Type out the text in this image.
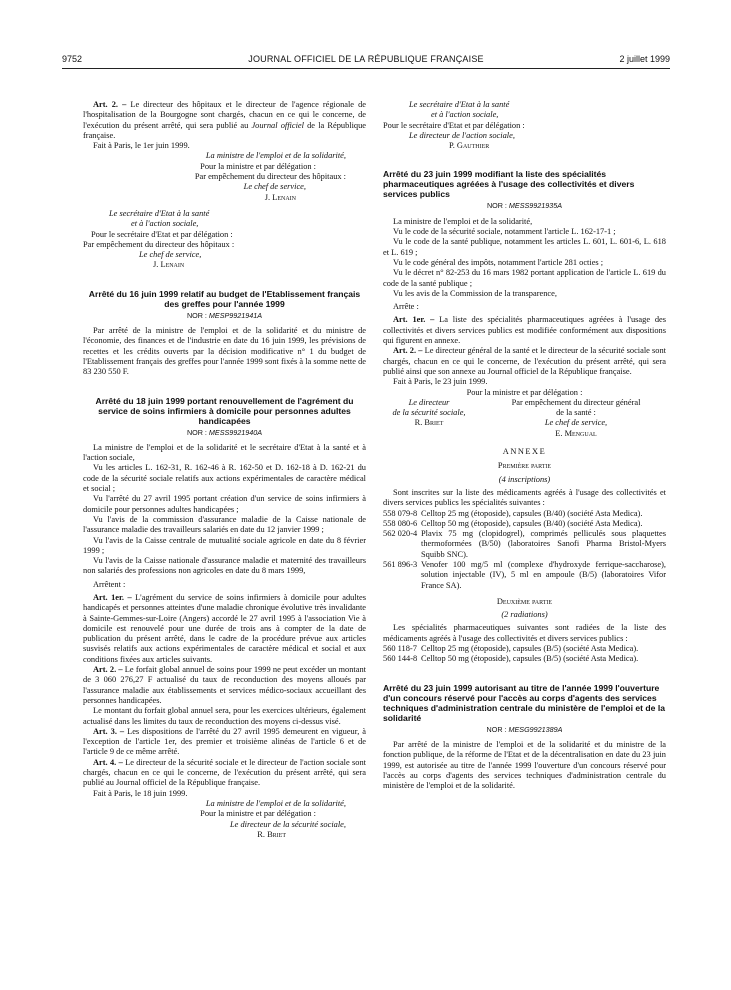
9752	JOURNAL OFFICIEL DE LA RÉPUBLIQUE FRANÇAISE	2 juillet 1999

Art. 2. – Le directeur des hôpitaux et le directeur de l'agence régionale de l'hospitalisation de la Bourgogne sont chargés, chacun en ce qui le concerne, de l'exécution du présent arrêté, qui sera publié au Journal officiel de la République française.

Fait à Paris, le 1er juin 1999.

La ministre de l'emploi et de la solidarité,
Pour la ministre et par délégation :
Par empêchement du directeur des hôpitaux :
Le chef de service,
J. Lenain
Le secrétaire d'Etat à la santé
et à l'action sociale,
Pour le secrétaire d'Etat et par délégation :
Par empêchement du directeur des hôpitaux :
Le chef de service,
J. Lenain
Arrêté du 16 juin 1999 relatif au budget de l'Etablissement français des greffes pour l'année 1999
NOR : MESP9921941A

Par arrêté de la ministre de l'emploi et de la solidarité et du ministre de l'économie, des finances et de l'industrie en date du 16 juin 1999, les prévisions de recettes et les crédits ouverts par la décision modificative n° 1 du budget de l'Etablissement français des greffes pour l'année 1999 sont fixés à la somme nette de 83 230 550 F.

Arrêté du 18 juin 1999 portant renouvellement de l'agrément du service de soins infirmiers à domicile pour personnes adultes handicapées
NOR : MESS9921940A

La ministre de l'emploi et de la solidarité et le secrétaire d'Etat à la santé et à l'action sociale,

Vu les articles L. 162-31, R. 162-46 à R. 162-50 et D. 162-18 à D. 162-21 du code de la sécurité sociale relatifs aux actions expérimentales de caractère médical et social ;

Vu l'arrêté du 27 avril 1995 portant création d'un service de soins infirmiers à domicile pour personnes adultes handicapées ;

Vu l'avis de la commission d'assurance maladie de la Caisse nationale de l'assurance maladie des travailleurs salariés en date du 12 janvier 1999 ;

Vu l'avis de la Caisse centrale de mutualité sociale agricole en date du 8 février 1999 ;

Vu l'avis de la Caisse nationale d'assurance maladie et maternité des travailleurs non salariés des professions non agricoles en date du 8 mars 1999,

Arrêtent :

Art. 1er. – L'agrément du service de soins infirmiers à domicile pour adultes handicapés et personnes atteintes d'une maladie chronique évolutive très invalidante à Sainte-Gemmes-sur-Loire (Angers) accordé le 27 avril 1995 à l'association Vie à domicile est renouvelé pour une durée de trois ans à compter de la date de publication du présent arrêté, dans le cadre de la procédure prévue aux articles susvisés relatifs aux actions expérimentales de caractère médical et social et aux conditions fixées aux articles suivants.

Art. 2. – Le forfait global annuel de soins pour 1999 ne peut excéder un montant de 3 060 276,27 F actualisé du taux de reconduction des moyens alloués par l'assurance maladie aux établissements et services médico-sociaux accueillant des personnes handicapées.

Le montant du forfait global annuel sera, pour les exercices ultérieurs, également actualisé dans les limites du taux de reconduction des moyens ci-dessus visé.

Art. 3. – Les dispositions de l'arrêté du 27 avril 1995 demeurent en vigueur, à l'exception de l'article 1er, des premier et troisième alinéas de l'article 6 et de l'article 9 de ce même arrêté.

Art. 4. – Le directeur de la sécurité sociale et le directeur de l'action sociale sont chargés, chacun en ce qui le concerne, de l'exécution du présent arrêté, qui sera publié au Journal officiel de la République française.

Fait à Paris, le 18 juin 1999.

La ministre de l'emploi et de la solidarité,
Pour la ministre et par délégation :
Le directeur de la sécurité sociale,
R. Briet
Le secrétaire d'Etat à la santé
et à l'action sociale,
Pour le secrétaire d'Etat et par délégation :
Le directeur de l'action sociale,
P. Gauthier
Arrêté du 23 juin 1999 modifiant la liste des spécialités pharmaceutiques agréées à l'usage des collectivités et divers services publics
NOR : MESS9921935A

La ministre de l'emploi et de la solidarité,

Vu le code de la sécurité sociale, notamment l'article L. 162-17-1 ;

Vu le code de la santé publique, notamment les articles L. 601, L. 601-6, L. 618 et L. 619 ;

Vu le code général des impôts, notamment l'article 281 octies ;

Vu le décret n° 82-253 du 16 mars 1982 portant application de l'article L. 619 du code de la santé publique ;

Vu les avis de la Commission de la transparence,

Arrête :

Art. 1er. – La liste des spécialités pharmaceutiques agréées à l'usage des collectivités et divers services publics est modifiée conformément aux dispositions qui figurent en annexe.

Art. 2. – Le directeur général de la santé et le directeur de la sécurité sociale sont chargés, chacun en ce qui le concerne, de l'exécution du présent arrêté, qui sera publié ainsi que son annexe au Journal officiel de la République française.

Fait à Paris, le 23 juin 1999.

Pour la ministre et par délégation :

Le directeur
de la sécurité sociale,
R. Briet
Par empêchement du directeur général
de la santé :
Le chef de service,
E. Mengual
ANNEXE
Première partie
(4 inscriptions)

Sont inscrites sur la liste des médicaments agréés à l'usage des collectivités et divers services publics les spécialités suivantes :

558 079-8 Celltop 25 mg (étoposide), capsules (B/40) (société Asta Medica).
558 080-6 Celltop 50 mg (étoposide), capsules (B/40) (société Asta Medica).
562 020-4 Plavix 75 mg (clopidogrel), comprimés pelliculés sous plaquettes thermoformées (B/50) (laboratoires Sanofi Pharma Bristol-Myers Squibb SNC).
561 896-3 Venofer 100 mg/5 ml (complexe d'hydroxyde ferrique-saccharose), solution injectable (IV), 5 ml en ampoule (B/5) (laboratoires Vifor France SA).
Deuxième partie
(2 radiations)

Les spécialités pharmaceutiques suivantes sont radiées de la liste des médicaments agréés à l'usage des collectivités et divers services publics :

560 118-7 Celltop 25 mg (étoposide), capsules (B/5) (société Asta Medica).
560 144-8 Celltop 50 mg (étoposide), capsules (B/5) (société Asta Medica).
Arrêté du 23 juin 1999 autorisant au titre de l'année 1999 l'ouverture d'un concours réservé pour l'accès au corps d'agents des services techniques d'administration centrale du ministère de l'emploi et de la solidarité
NOR : MESG9921389A

Par arrêté de la ministre de l'emploi et de la solidarité et du ministre de la fonction publique, de la réforme de l'Etat et de la décentralisation en date du 23 juin 1999, est autorisée au titre de l'année 1999 l'ouverture d'un concours réservé pour l'accès au corps d'agents des services techniques d'administration centrale du ministère de l'emploi et de la solidarité.
